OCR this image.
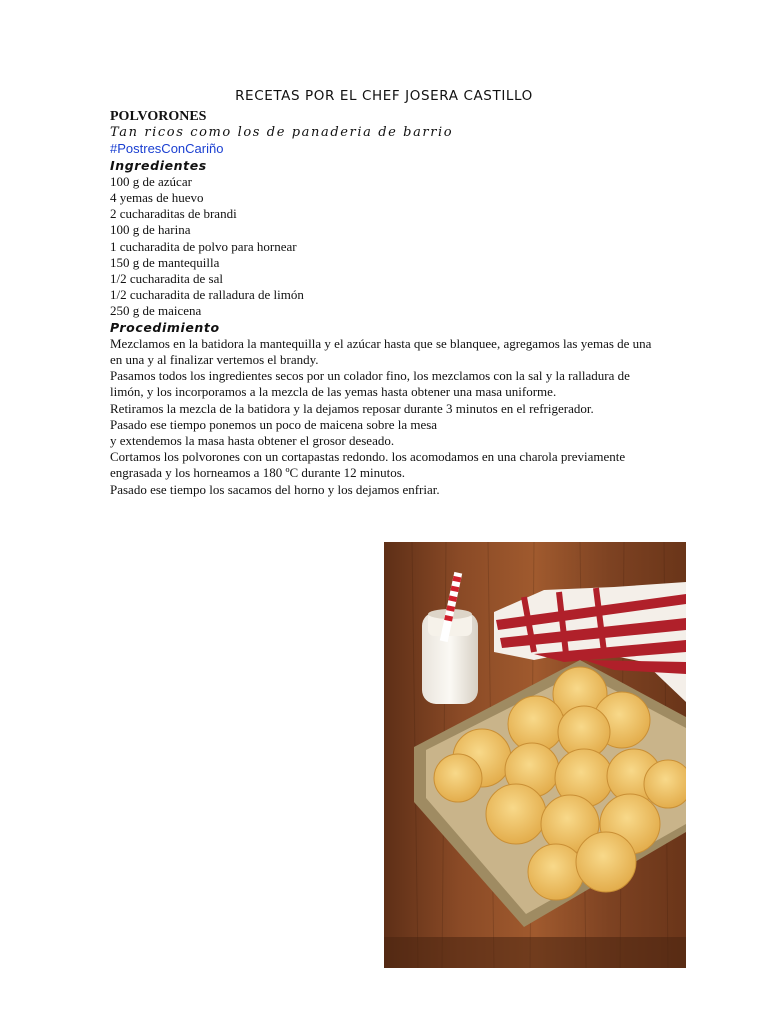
RECETAS POR EL CHEF JOSERA CASTILLO
POLVORONES
Tan ricos como los de panaderia de barrio
#PostresConCariño
Ingredientes
100 g de azúcar
4 yemas de huevo
2 cucharaditas de brandi
100 g de harina
1 cucharadita de polvo para hornear
150 g de mantequilla
1/2 cucharadita de sal
1/2 cucharadita de ralladura de limón
250 g de maicena
Procedimiento
Mezclamos en la batidora la mantequilla y el azúcar hasta que se blanquee, agregamos las yemas de una en una y al finalizar vertemos el brandy.
Pasamos todos los ingredientes secos por un colador fino, los mezclamos con la sal y la ralladura de limón, y los incorporamos a la mezcla de las yemas hasta obtener una masa uniforme.
Retiramos la mezcla de la batidora y la dejamos reposar durante 3 minutos en el refrigerador.
Pasado ese tiempo ponemos un poco de maicena sobre la mesa
y extendemos la masa hasta obtener el grosor deseado.
Cortamos los polvorones con un cortapastas redondo. los acomodamos en una charola previamente engrasada y los horneamos a 180 ºC durante 12 minutos.
Pasado ese tiempo los sacamos del horno y los dejamos enfriar.
